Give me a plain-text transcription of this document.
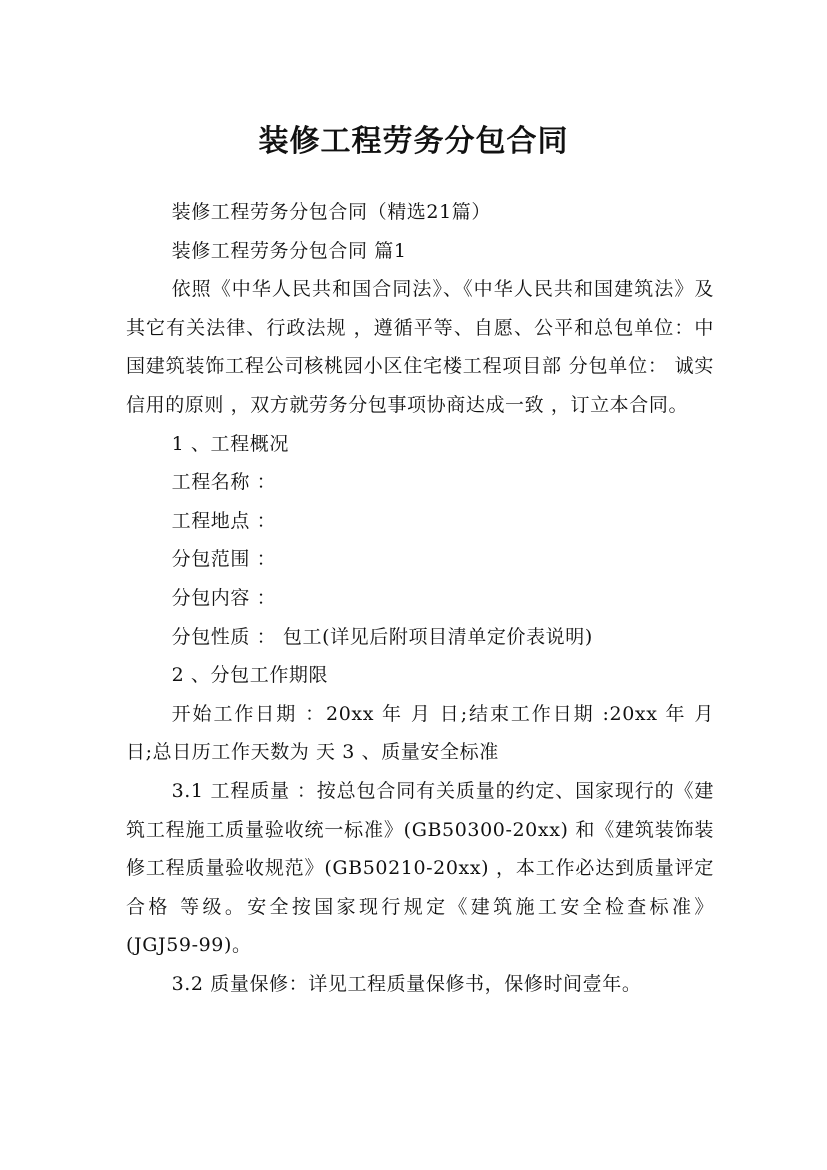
装修工程劳务分包合同

装修工程劳务分包合同（精选21篇）

装修工程劳务分包合同 篇1

依照《中华人民共和国合同法》、《中华人民共和国建筑法》及其它有关法律、行政法规 ，遵循平等、自愿、公平和总包单位：中国建筑装饰工程公司核桃园小区住宅楼工程项目部 分包单位： 诚实信用的原则 ，双方就劳务分包事项协商达成一致 ，订立本合同。

1 、工程概况

工程名称 ：

工程地点 ：

分包范围 ：

分包内容 ：

分包性质 ： 包工(详见后附项目清单定价表说明)

2 、分包工作期限

开始工作日期 ：20xx 年 月 日;结束工作日期 :20xx 年 月 日;总日历工作天数为 天 3 、质量安全标准

3.1 工程质量 ：按总包合同有关质量的约定、国家现行的《建筑工程施工质量验收统一标准》(GB50300-20xx) 和《建筑装饰装修工程质量验收规范》(GB50210-20xx) ，本工作必达到质量评定 合格 等级。安全按国家现行规定《建筑施工安全检查标准》(JGJ59-99)。

3.2 质量保修：详见工程质量保修书，保修时间壹年。
